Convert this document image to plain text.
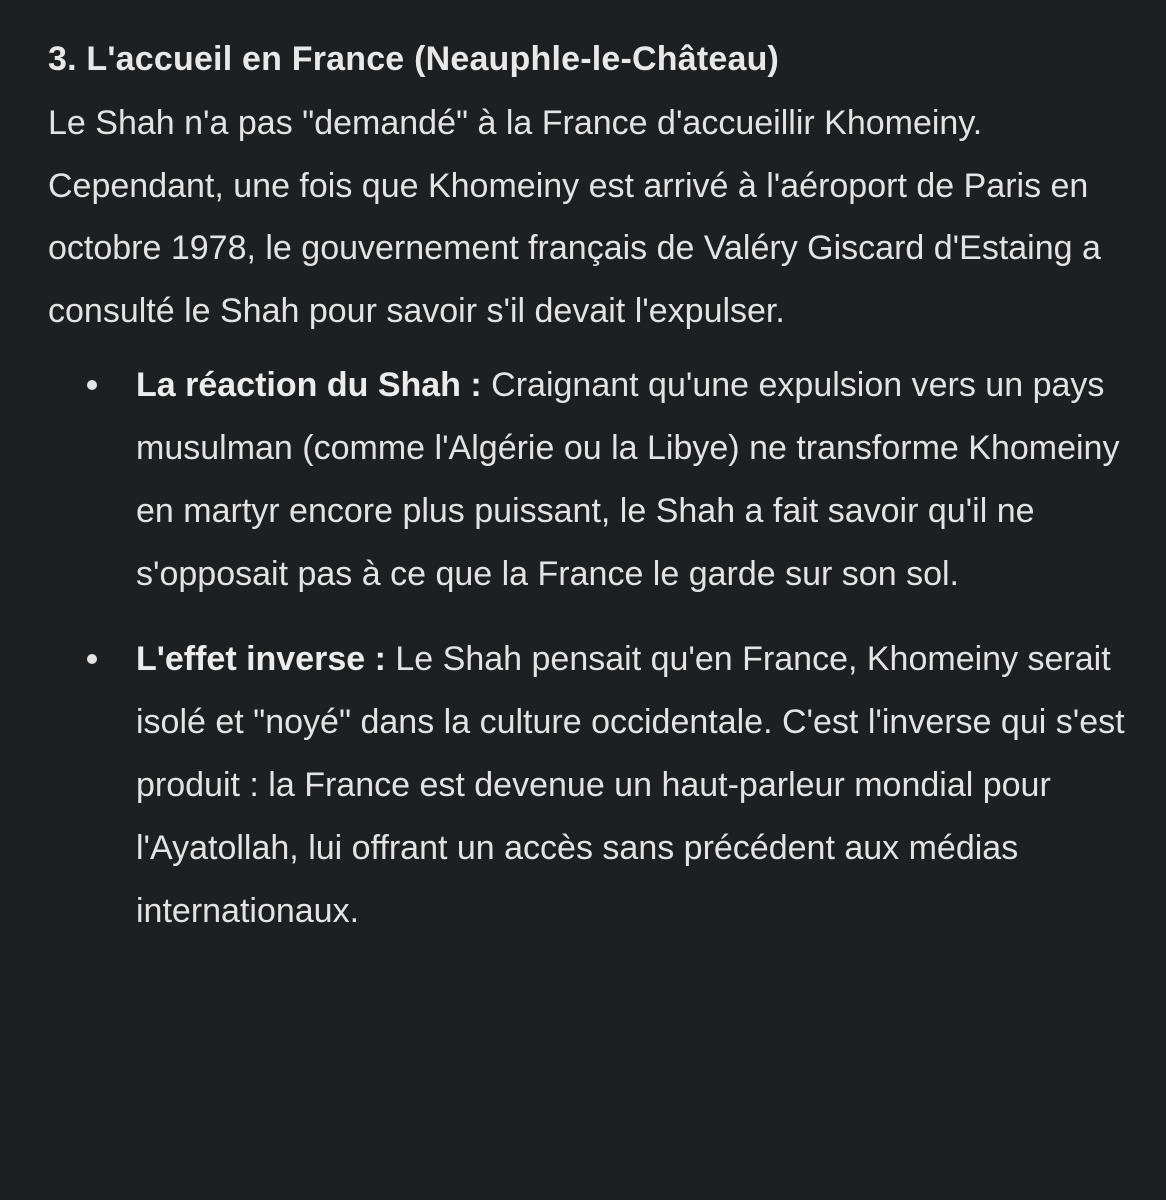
3. L'accueil en France (Neauphle-le-Château)

Le Shah n'a pas "demandé" à la France d'accueillir Khomeiny. Cependant, une fois que Khomeiny est arrivé à l'aéroport de Paris en octobre 1978, le gouvernement français de Valéry Giscard d'Estaing a consulté le Shah pour savoir s'il devait l'expulser.

La réaction du Shah : Craignant qu'une expulsion vers un pays musulman (comme l'Algérie ou la Libye) ne transforme Khomeiny en martyr encore plus puissant, le Shah a fait savoir qu'il ne s'opposait pas à ce que la France le garde sur son sol.
L'effet inverse : Le Shah pensait qu'en France, Khomeiny serait isolé et "noyé" dans la culture occidentale. C'est l'inverse qui s'est produit : la France est devenue un haut-parleur mondial pour l'Ayatollah, lui offrant un accès sans précédent aux médias internationaux.
